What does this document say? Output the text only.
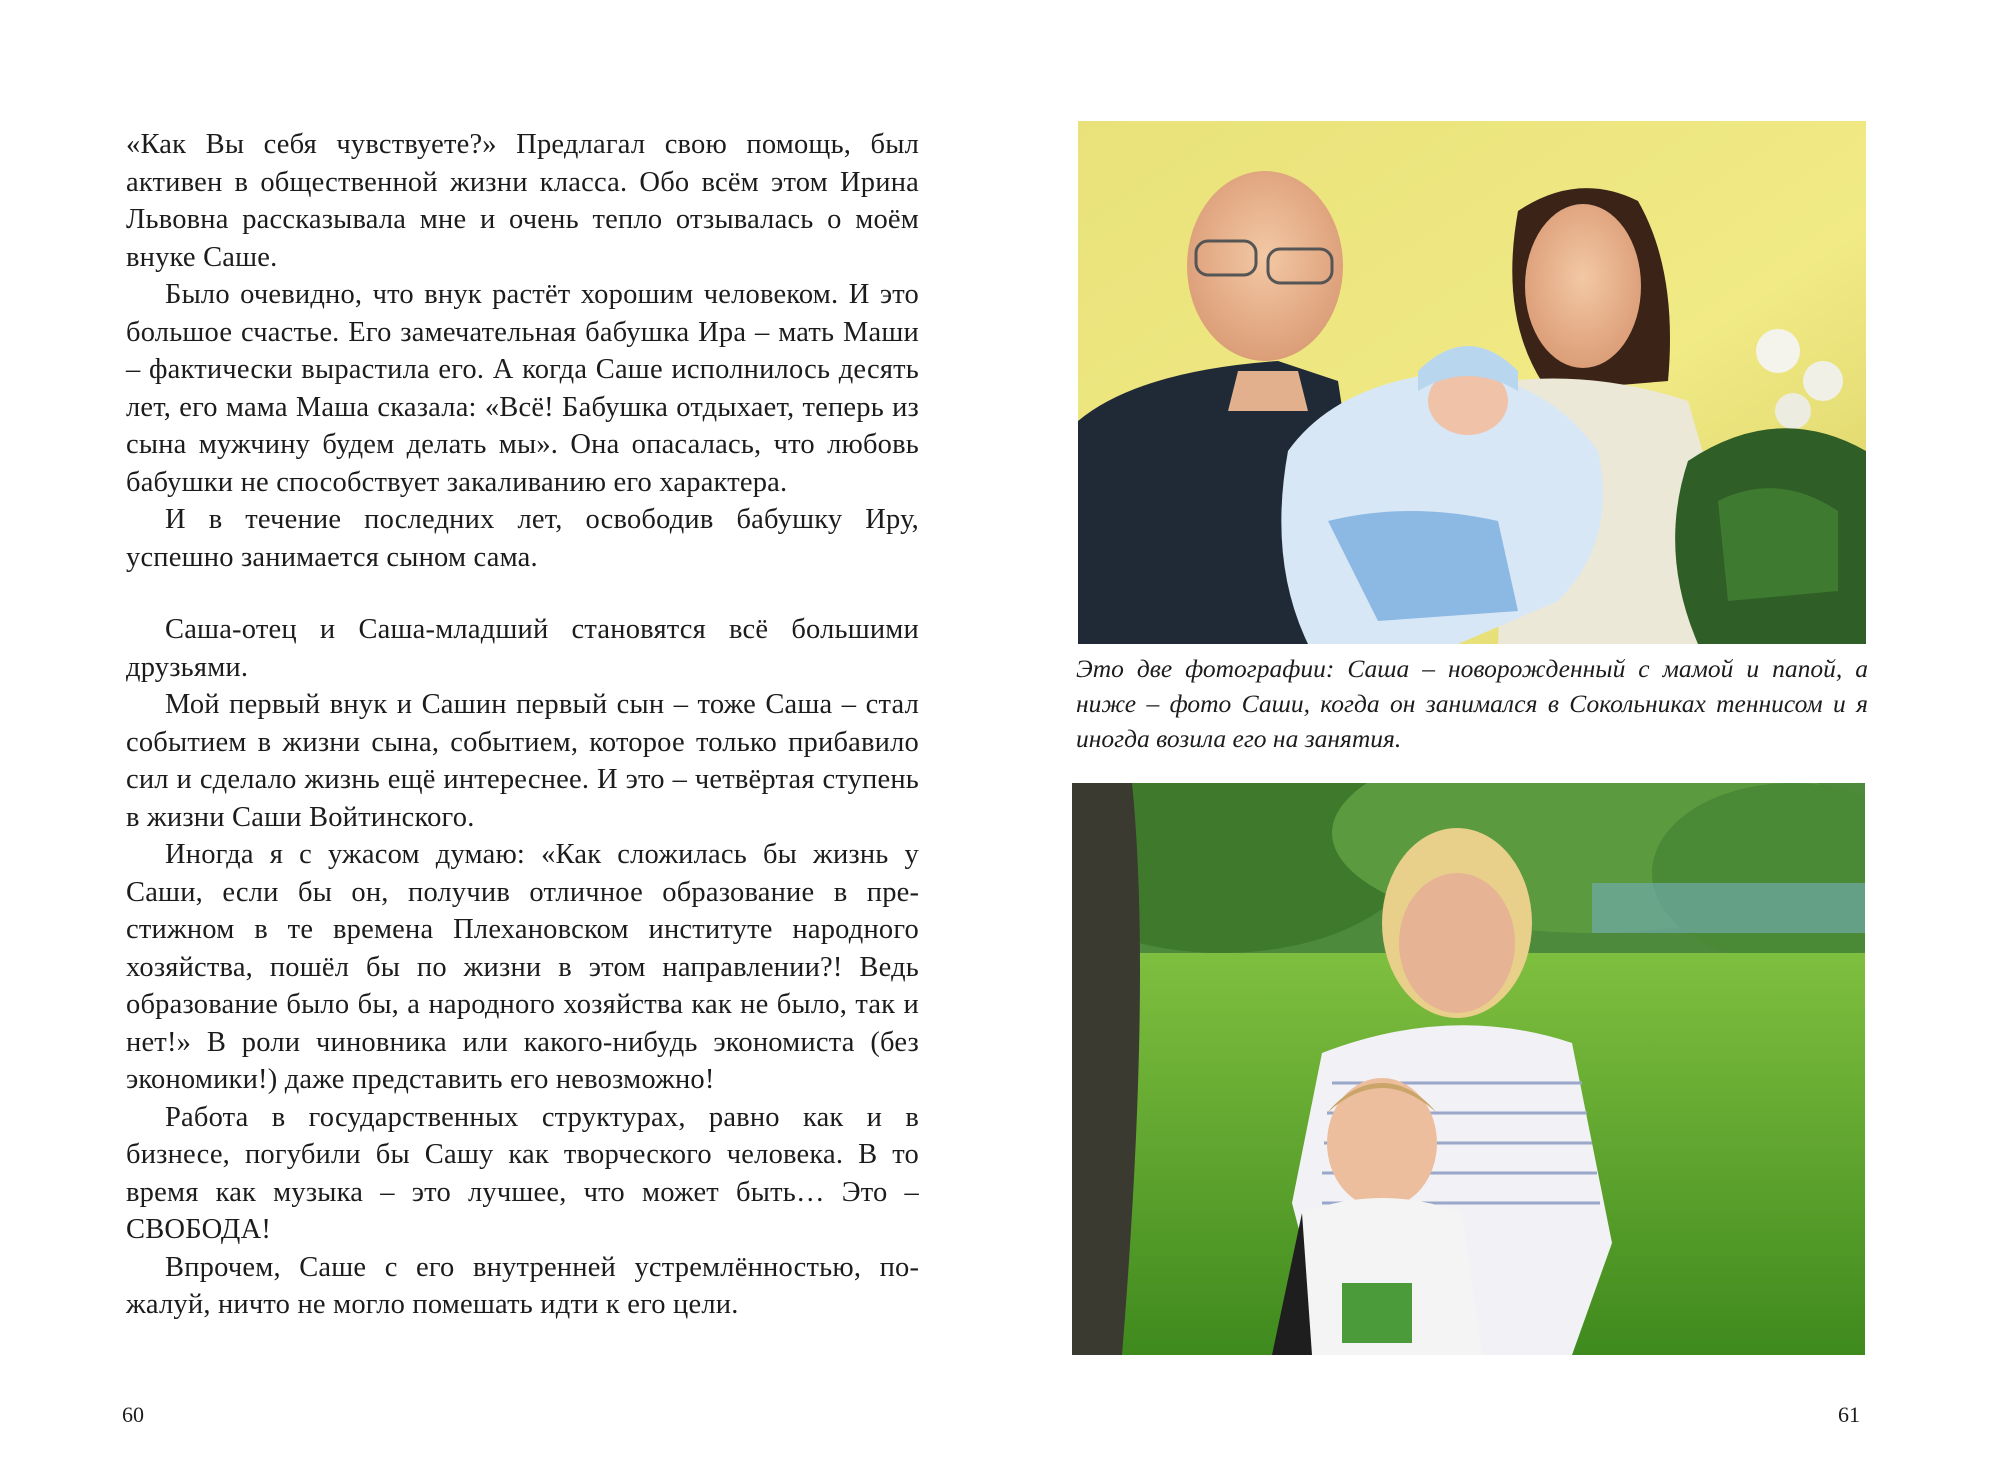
«Как Вы себя чувствуете?» Предлагал свою помощь, был активен в общественной жизни класса. Обо всём этом Ирина Львовна рассказывала мне и очень тепло отзывалась о моём внуке Саше.

Было очевидно, что внук растёт хорошим человеком. И это большое счастье. Его замечательная бабушка Ира – мать Маши – фактически вырастила его. А когда Саше исполнилось десять лет, его мама Маша сказала: «Всё! Бабушка отдыхает, теперь из сына мужчину будем делать мы». Она опасалась, что любовь бабушки не способствует закаливанию его характера.

И в течение последних лет, освободив бабушку Иру, успешно занимается сыном сама.

Саша-отец и Саша-младший становятся всё большими друзьями.

Мой первый внук и Сашин первый сын – тоже Саша – стал событием в жизни сына, событием, которое только прибавило сил и сделало жизнь ещё интереснее. И это – четвёртая ступень в жизни Саши Войтинского.

Иногда я с ужасом думаю: «Как сложилась бы жизнь у Саши, если бы он, получив отличное образование в престижном в те времена Плехановском институте народного хозяйства, пошёл бы по жизни в этом направлении?! Ведь образование было бы, а народного хозяйства как не было, так и нет!» В роли чиновника или какого-нибудь экономиста (без экономики!) даже представить его невозможно!

Работа в государственных структурах, равно как и в бизнесе, погубили бы Сашу как творческого человека. В то время как музыка – это лучшее, что может быть… Это – СВОБОДА!

Впрочем, Саше с его внутренней устремлённостью, пожалуй, ничто не могло помешать идти к его цели.

60
Это две фотографии: Саша – новорожденный с мамой и папой, а ниже – фото Саши, когда он занимался в Сокольниках теннисом и я иногда возила его на занятия.
61
